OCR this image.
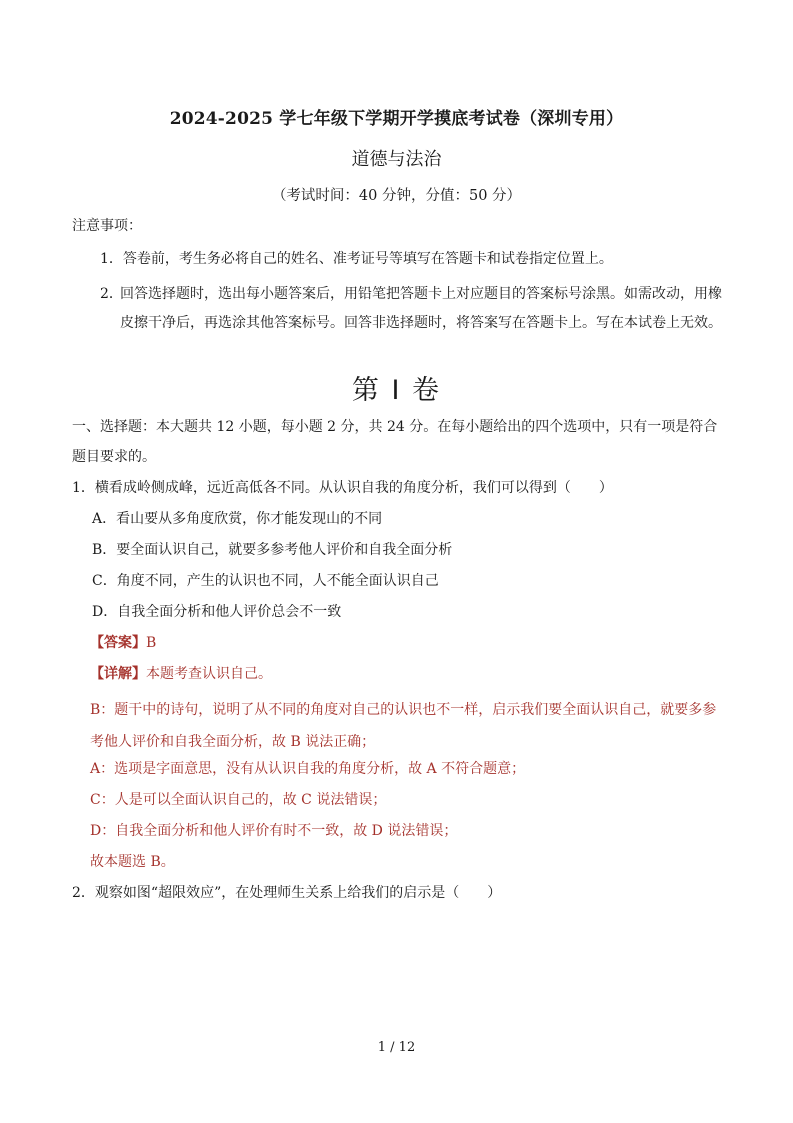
2024-2025 学七年级下学期开学摸底考试卷（深圳专用）
道德与法治
（考试时间：40 分钟，分值：50 分）
注意事项：
1．答卷前，考生务必将自己的姓名、准考证号等填写在答题卡和试卷指定位置上。
2．
回答选择题时，选出每小题答案后，用铅笔把答题卡上对应题目的答案标号涂黑。如需改动，用橡皮擦干净后，再选涂其他答案标号。回答非选择题时，将答案写在答题卡上。写在本试卷上无效。
第 I 卷
一、选择题：本大题共 12 小题，每小题 2 分，共 24 分。在每小题给出的四个选项中，只有一项是符合题目要求的。
1．横看成岭侧成峰，远近高低各不同。从认识自我的角度分析，我们可以得到（　　）
A．看山要从多角度欣赏，你才能发现山的不同
B．要全面认识自己，就要多参考他人评价和自我全面分析
C．角度不同，产生的认识也不同，人不能全面认识自己
D．自我全面分析和他人评价总会不一致
【答案】B
【详解】本题考查认识自己。
B：题干中的诗句，说明了从不同的角度对自己的认识也不一样，启示我们要全面认识自己，就要多参考他人评价和自我全面分析，故 B 说法正确；
A：选项是字面意思，没有从认识自我的角度分析，故 A 不符合题意；
C：人是可以全面认识自己的，故 C 说法错误；
D：自我全面分析和他人评价有时不一致，故 D 说法错误；
故本题选 B。
2．观察如图“超限效应”，在处理师生关系上给我们的启示是（　　）
1 / 12
